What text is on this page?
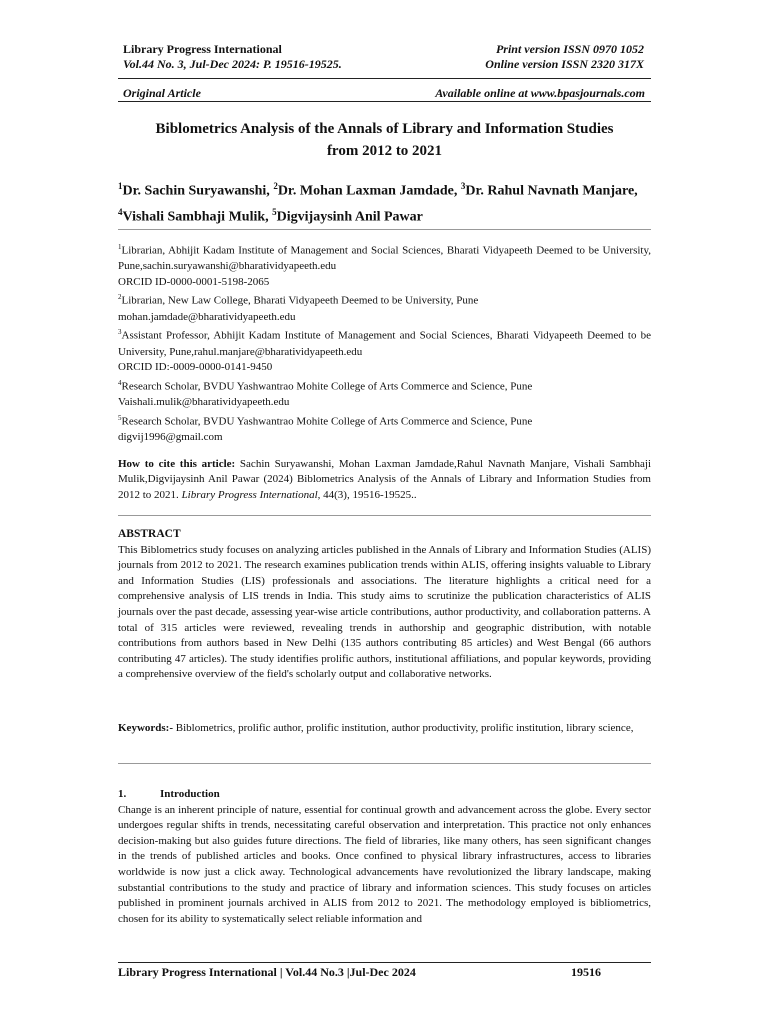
Library Progress International
Vol.44 No. 3, Jul-Dec 2024: P. 19516-19525.
Print version ISSN 0970 1052
Online version ISSN 2320 317X
Original Article	Available online at www.bpasjournals.com
Biblometrics Analysis of the Annals of Library and Information Studies
from 2012 to 2021
$^1$Dr. Sachin Suryawanshi, $^2$Dr. Mohan Laxman Jamdade, $^3$Dr. Rahul Navnath Manjare,
$^4$Vishali Sambhaji Mulik, $^5$Digvijaysinh Anil Pawar
$^1$Librarian, Abhijit Kadam Institute of Management and Social Sciences, Bharati Vidyapeeth Deemed to be University, Pune,sachin.suryawanshi@bharatividyapeeth.edu
ORCID ID-0000-0001-5198-2065
$^2$Librarian, New Law College, Bharati Vidyapeeth Deemed to be University, Pune
mohan.jamdade@bharatividyapeeth.edu
$^3$Assistant Professor, Abhijit Kadam Institute of Management and Social Sciences, Bharati Vidyapeeth Deemed to be University, Pune,rahul.manjare@bharatividyapeeth.edu
ORCID ID:-0009-0000-0141-9450
$^4$Research Scholar, BVDU Yashwantrao Mohite College of Arts Commerce and Science, Pune
Vaishali.mulik@bharatividyapeeth.edu
$^5$Research Scholar, BVDU Yashwantrao Mohite College of Arts Commerce and Science, Pune
digvij1996@gmail.com
How to cite this article: Sachin Suryawanshi, Mohan Laxman Jamdade,Rahul Navnath Manjare, Vishali Sambhaji Mulik,Digvijaysinh Anil Pawar (2024) Biblometrics Analysis of the Annals of Library and Information Studies from 2012 to 2021. Library Progress International, 44(3), 19516-19525..
ABSTRACT
This Biblometrics study focuses on analyzing articles published in the Annals of Library and Information Studies (ALIS) journals from 2012 to 2021. The research examines publication trends within ALIS, offering insights valuable to Library and Information Studies (LIS) professionals and associations. The literature highlights a critical need for a comprehensive analysis of LIS trends in India. This study aims to scrutinize the publication characteristics of ALIS journals over the past decade, assessing year-wise article contributions, author productivity, and collaboration patterns. A total of 315 articles were reviewed, revealing trends in authorship and geographic distribution, with notable contributions from authors based in New Delhi (135 authors contributing 85 articles) and West Bengal (66 authors contributing 47 articles). The study identifies prolific authors, institutional affiliations, and popular keywords, providing a comprehensive overview of the field's scholarly output and collaborative networks.
Keywords:- Biblometrics, prolific author, prolific institution, author productivity, prolific institution, library science,
1.	Introduction
Change is an inherent principle of nature, essential for continual growth and advancement across the globe. Every sector undergoes regular shifts in trends, necessitating careful observation and interpretation. This practice not only enhances decision-making but also guides future directions. The field of libraries, like many others, has seen significant changes in the trends of published articles and books. Once confined to physical library infrastructures, access to libraries worldwide is now just a click away. Technological advancements have revolutionized the library landscape, making substantial contributions to the study and practice of library and information sciences. This study focuses on articles published in prominent journals archived in ALIS from 2012 to 2021. The methodology employed is bibliometrics, chosen for its ability to systematically select reliable information and
Library Progress International | Vol.44 No.3 |Jul-Dec 2024	19516
